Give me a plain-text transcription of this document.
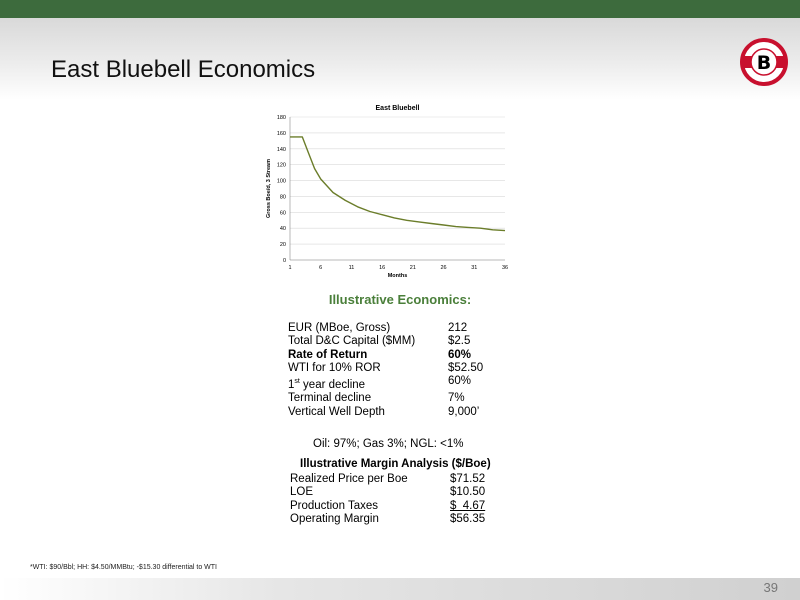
East Bluebell Economics	B
East Bluebell
0
20
40
60
80
100
120
140
160
180
1	6	11	16	21	26	31	36
Months
Gross Boe/d, 3 Stream
Illustrative Economics:
EUR (MBoe, Gross)	212
Total D&C Capital ($MM)	$2.5
Rate of Return	60%
WTI for 10% ROR	$52.50
1st year decline	60%
Terminal decline	7%
Vertical Well Depth	9,000’
Oil: 97%; Gas 3%; NGL: <1%
Illustrative Margin Analysis ($/Boe)
Realized Price per Boe	$71.52
LOE	$10.50
Production Taxes	$  4.67
Operating Margin	$56.35
*WTI: $90/Bbl; HH: $4.50/MMBtu; -$15.30 differential to WTI
39
